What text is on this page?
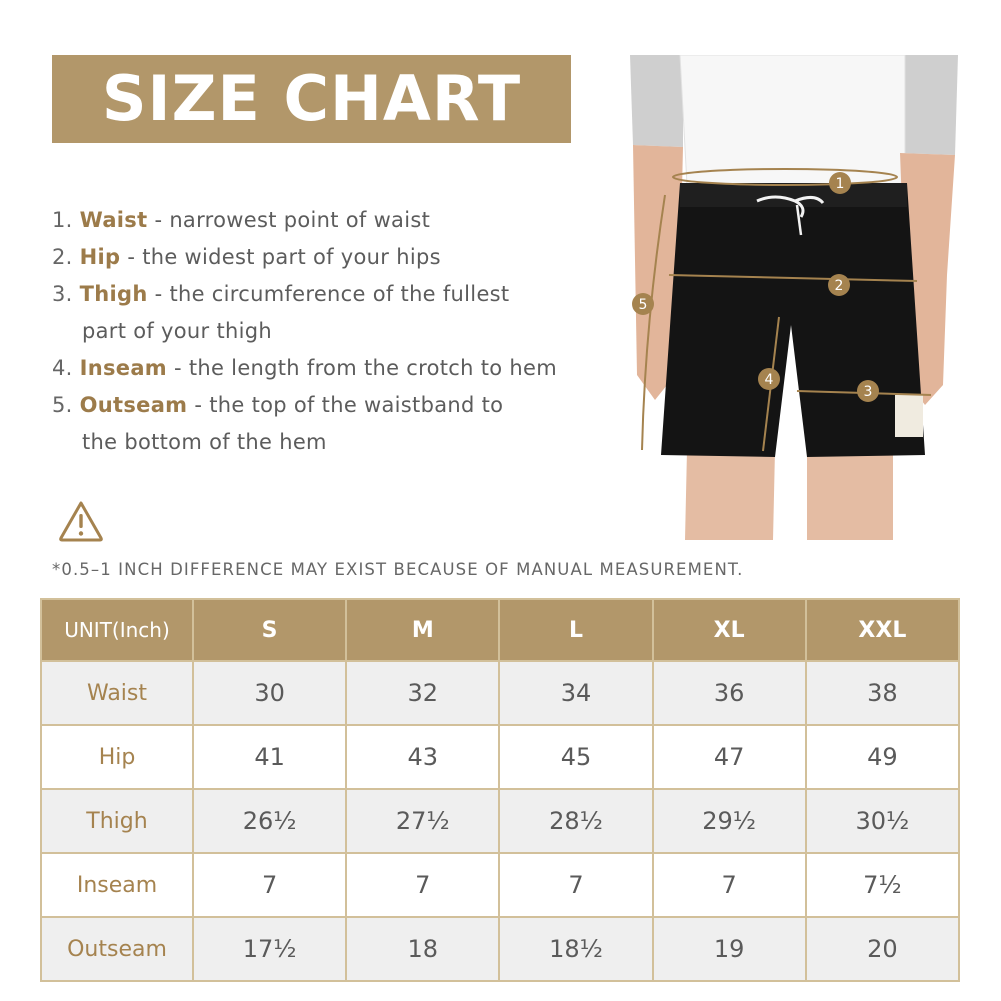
SIZE CHART
1. Waist - narrowest point of waist
2. Hip - the widest part of your hips
3. Thigh - the circumference of the fullest
part of your thigh
4. Inseam - the length from the crotch to hem
5. Outseam - the top of the waistband to
the bottom of the hem
*0.5–1 INCH DIFFERENCE MAY EXIST BECAUSE OF MANUAL MEASUREMENT.
1
2
3
4
5
UNIT(Inch)	S	M	L	XL	XXL
Waist	30	32	34	36	38
Hip	41	43	45	47	49
Thigh	26½	27½	28½	29½	30½
Inseam	7	7	7	7	7½
Outseam	17½	18	18½	19	20
